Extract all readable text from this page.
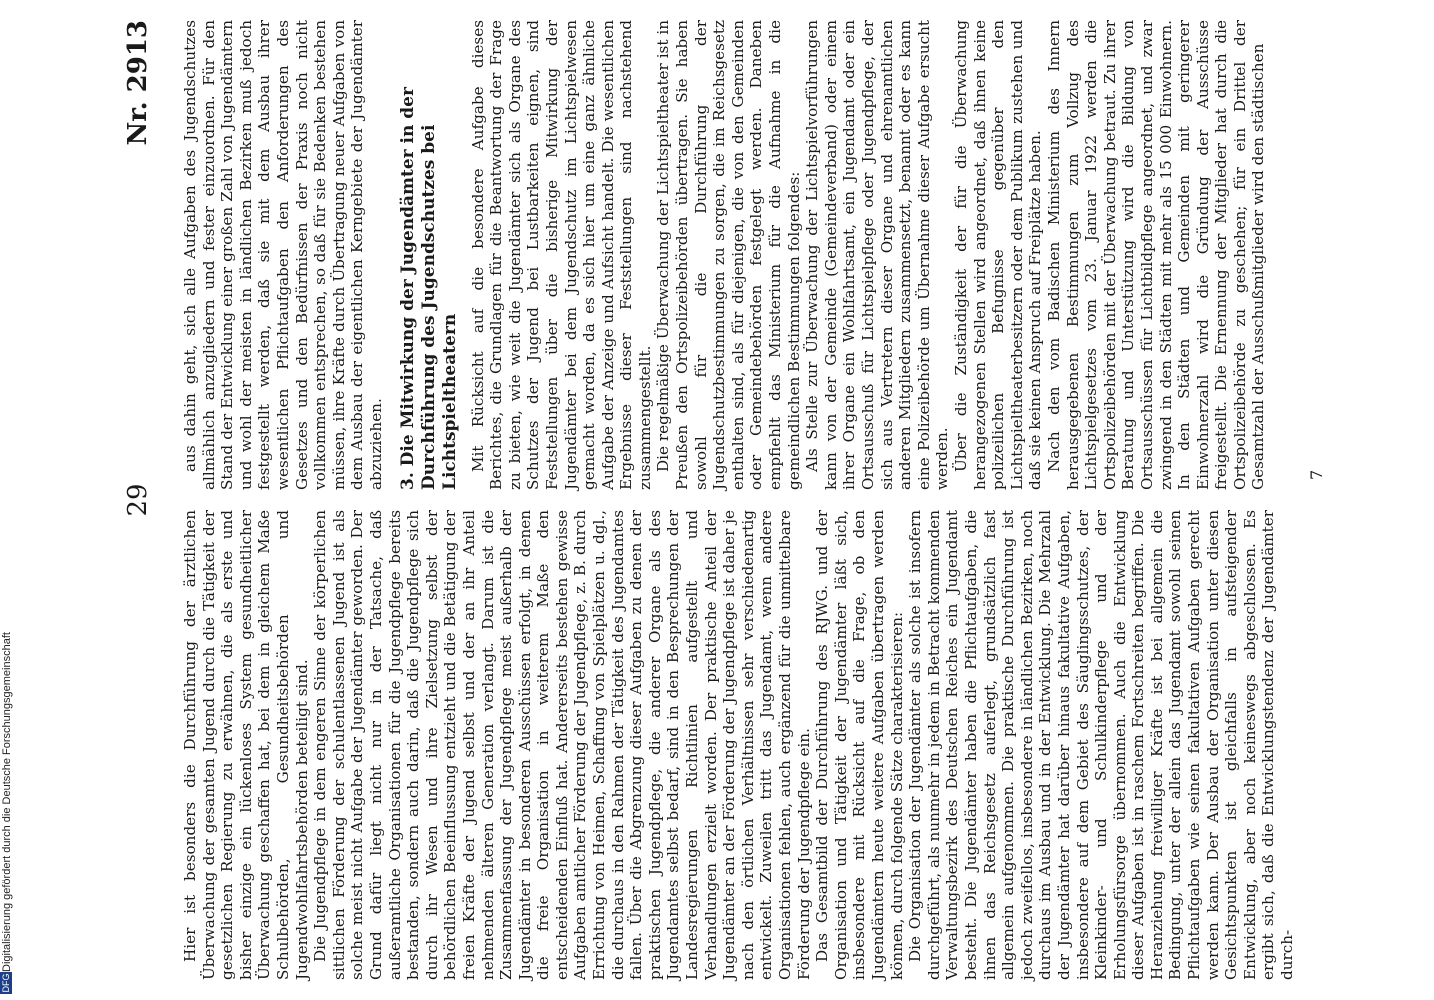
29
Nr. 2913

Hier ist besonders die Durchführung der ärztlichen Überwachung der gesamten Jugend durch die Tätigkeit der gesetzlichen Regierung zu erwähnen, die als erste und bisher einzige ein lückenloses System gesundheitlicher Überwachung geschaffen hat, bei dem in gleichem Maße Schulbehörden, Gesundheitsbehörden und Jugendwohlfahrtsbehörden beteiligt sind. Die Jugendpflege in dem engeren Sinne der körperlichen sittlichen Förderung der schulentlassenen Jugend ist als solche meist nicht Aufgabe der Jugendämter geworden. Der Grund dafür liegt nicht nur in der Tatsache, daß außeramtliche Organisationen für die Jugendpflege bereits bestanden, sondern auch darin, daß die Jugendpflege sich durch ihr Wesen und ihre Zielsetzung selbst der behördlichen Beeinflussung entzieht und die Betätigung der freien Kräfte der Jugend selbst und der an ihr Anteil nehmenden älteren Generation verlangt. Darum ist die Zusammenfassung der Jugendpflege meist außerhalb der Jugendämter in besonderen Ausschüssen erfolgt, in denen die freie Organisation in weiterem Maße den entscheidenden Einfluß hat. Andererseits bestehen gewisse Aufgaben amtlicher Förderung der Jugendpflege, z. B. durch Errichtung von Heimen, Schaffung von Spielplätzen u. dgl., die durchaus in den Rahmen der Tätigkeit des Jugendamtes fallen. Über die Abgrenzung dieser Aufgaben zu denen der praktischen Jugendpflege, die anderer Organe als des Jugendamtes selbst bedarf, sind in den Besprechungen der Landesregierungen Richtlinien aufgestellt und Verhandlungen erzielt worden. Der praktische Anteil der Jugendämter an der Förderung der Jugendpflege ist daher je nach den örtlichen Verhältnissen sehr verschiedenartig entwickelt. Zuweilen tritt das Jugendamt, wenn andere Organisationen fehlen, auch ergänzend für die unmittelbare Förderung der Jugendpflege ein. Das Gesamtbild der Durchführung des RJWG. und der Organisation und Tätigkeit der Jugendämter läßt sich, insbesondere mit Rücksicht auf die Frage, ob den Jugendämtern heute weitere Aufgaben übertragen werden können, durch folgende Sätze charakterisieren: Die Organisation der Jugendämter als solche ist insofern durchgeführt, als nunmehr in jedem in Betracht kommenden Verwaltungsbezirk des Deutschen Reiches ein Jugendamt besteht. Die Jugendämter haben die Pflichtaufgaben, die ihnen das Reichsgesetz auferlegt, grundsätzlich fast allgemein aufgenommen. Die praktische Durchführung ist jedoch zweifellos, insbesondere in ländlichen Bezirken, noch durchaus im Ausbau und in der Entwicklung. Die Mehrzahl der Jugendämter hat darüber hinaus fakultative Aufgaben, insbesondere auf dem Gebiet des Säuglingsschutzes, der Kleinkinder- und Schulkinderpflege und der Erholungsfürsorge übernommen. Auch die Entwicklung dieser Aufgaben ist in raschem Fortschreiten begriffen. Die Heranziehung freiwilliger Kräfte ist bei allgemein die Bedingung, unter der allein das Jugendamt sowohl seinen Pflichtaufgaben wie seinen fakultativen Aufgaben gerecht werden kann. Der Ausbau der Organisation unter diesen Gesichtspunkten ist gleichfalls in aufsteigender Entwicklung, aber noch keineswegs abgeschlossen. Es ergibt sich, daß die Entwicklungstendenz der Jugendämter durch-

aus dahin geht, sich alle Aufgaben des Jugendschutzes allmählich anzugliedern und fester einzuordnen. Für den Stand der Entwicklung einer großen Zahl von Jugendämtern und wohl der meisten in ländlichen Bezirken muß jedoch festgestellt werden, daß sie mit dem Ausbau ihrer wesentlichen Pflichtaufgaben den Anforderungen des Gesetzes und den Bedürfnissen der Praxis noch nicht vollkommen entsprechen, so daß für sie Bedenken bestehen müssen, ihre Kräfte durch Übertragung neuer Aufgaben von dem Ausbau der eigentlichen Kerngebiete der Jugendämter abzuziehen. 3. Die Mitwirkung der Jugendämter in der Durchführung des Jugendschutzes bei Lichtspieltheatern Mit Rücksicht auf die besondere Aufgabe dieses Berichtes, die Grundlagen für die Beantwortung der Frage zu bieten, wie weit die Jugendämter sich als Organe des Schutzes der Jugend bei Lustbarkeiten eignen, sind Feststellungen über die bisherige Mitwirkung der Jugendämter bei dem Jugendschutz im Lichtspielwesen gemacht worden, da es sich hier um eine ganz ähnliche Aufgabe der Anzeige und Aufsicht handelt. Die wesentlichen Ergebnisse dieser Feststellungen sind nachstehend zusammengestellt. Die regelmäßige Überwachung der Lichtspieltheater ist in Preußen den Ortspolizeibehörden übertragen. Sie haben sowohl für die Durchführung der Jugendschutzbestimmungen zu sorgen, die im Reichsgesetz enthalten sind, als für diejenigen, die von den Gemeinden oder Gemeindebehörden festgelegt werden. Daneben empfiehlt das Ministerium für die Aufnahme in die gemeindlichen Bestimmungen folgendes: Als Stelle zur Überwachung der Lichtspielvorführungen kann von der Gemeinde (Gemeindeverband) oder einem ihrer Organe ein Wohlfahrtsamt, ein Jugendamt oder ein Ortsausschuß für Lichtspielpflege oder Jugendpflege, der sich aus Vertretern dieser Organe und ehrenamtlichen anderen Mitgliedern zusammensetzt, benannt oder es kann eine Polizeibehörde um Übernahme dieser Aufgabe ersucht werden. Über die Zuständigkeit der für die Überwachung herangezogenen Stellen wird angeordnet, daß ihnen keine polizeilichen Befugnisse gegenüber den Lichtspieltheaterbesitzern oder dem Publikum zustehen und daß sie keinen Anspruch auf Freiplätze haben. Nach den vom Badischen Ministerium des Innern herausgegebenen Bestimmungen zum Vollzug des Lichtspielgesetzes vom 23. Januar 1922 werden die Ortspolizeibehörden mit der Überwachung betraut. Zu ihrer Beratung und Unterstützung wird die Bildung von Ortsausschüssen für Lichtbildpflege angeordnet, und zwar zwingend in den Städten mit mehr als 15 000 Einwohnern. In den Städten und Gemeinden mit geringerer Einwohnerzahl wird die Gründung der Ausschüsse freigestellt. Die Ernennung der Mitglieder hat durch die Ortspolizeibehörde zu geschehen; für ein Drittel der Gesamtzahl der Ausschußmitglieder wird den städtischen 7
DFG
Digitalisierung gefördert durch die Deutsche Forschungsgemeinschaft
